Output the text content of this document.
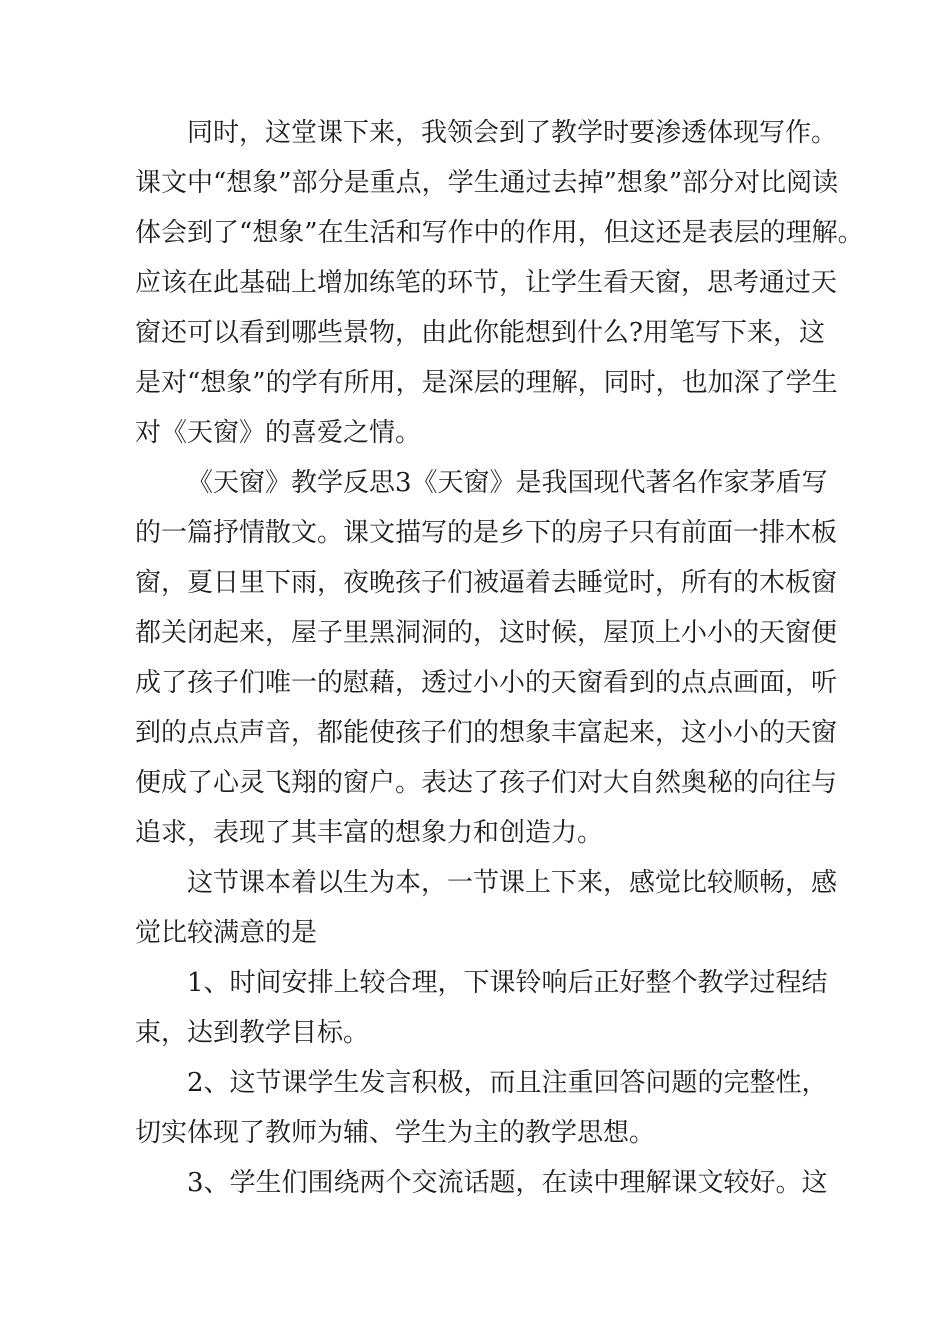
同时，这堂课下来，我领会到了教学时要渗透体现写作。

课文中“想象”部分是重点，学生通过去掉”想象”部分对比阅读

体会到了“想象”在生活和写作中的作用，但这还是表层的理解。

应该在此基础上增加练笔的环节，让学生看天窗，思考通过天

窗还可以看到哪些景物，由此你能想到什么?用笔写下来，这

是对“想象”的学有所用，是深层的理解，同时，也加深了学生

对《天窗》的喜爱之情。

《天窗》教学反思3《天窗》是我国现代著名作家茅盾写

的一篇抒情散文。课文描写的是乡下的房子只有前面一排木板

窗，夏日里下雨，夜晚孩子们被逼着去睡觉时，所有的木板窗

都关闭起来，屋子里黑洞洞的，这时候，屋顶上小小的天窗便

成了孩子们唯一的慰藉，透过小小的天窗看到的点点画面，听

到的点点声音，都能使孩子们的想象丰富起来，这小小的天窗

便成了心灵飞翔的窗户。表达了孩子们对大自然奥秘的向往与

追求，表现了其丰富的想象力和创造力。

这节课本着以生为本，一节课上下来，感觉比较顺畅，感

觉比较满意的是

1、时间安排上较合理，下课铃响后正好整个教学过程结

束，达到教学目标。

2、这节课学生发言积极，而且注重回答问题的完整性，

切实体现了教师为辅、学生为主的教学思想。

3、学生们围绕两个交流话题，在读中理解课文较好。这
